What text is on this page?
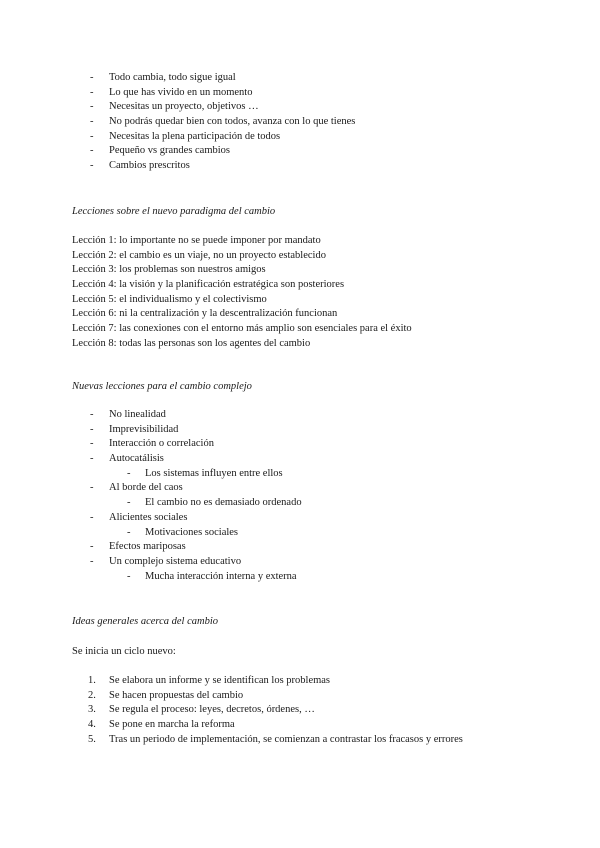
- Todo cambia, todo sigue igual
- Lo que has vivido en un momento
- Necesitas un proyecto, objetivos …
- No podrás quedar bien con todos, avanza con lo que tienes
- Necesitas la plena participación de todos
- Pequeño vs grandes cambios
- Cambios prescritos
Lecciones sobre el nuevo paradigma del cambio
Lección 1: lo importante no se puede imponer por mandato
Lección 2: el cambio es un viaje, no un proyecto establecido
Lección 3: los problemas son nuestros amigos
Lección 4: la visión y la planificación estratégica son posteriores
Lección 5: el individualismo y el colectivismo
Lección 6: ni la centralización y la descentralización funcionan
Lección 7: las conexiones con el entorno más amplio son esenciales para el éxito
Lección 8: todas las personas son los agentes del cambio
Nuevas lecciones para el cambio complejo
- No linealidad
- Imprevisibilidad
- Interacción o correlación
- Autocatálisis
- Los sistemas influyen entre ellos
- Al borde del caos
- El cambio no es demasiado ordenado
- Alicientes sociales
- Motivaciones sociales
- Efectos mariposas
- Un complejo sistema educativo
- Mucha interacción interna y externa
Ideas generales acerca del cambio
Se inicia un ciclo nuevo:
1. Se elabora un informe y se identifican los problemas
2. Se hacen propuestas del cambio
3. Se regula el proceso: leyes, decretos, órdenes, …
4. Se pone en marcha la reforma
5. Tras un periodo de implementación, se comienzan a contrastar los fracasos y errores
